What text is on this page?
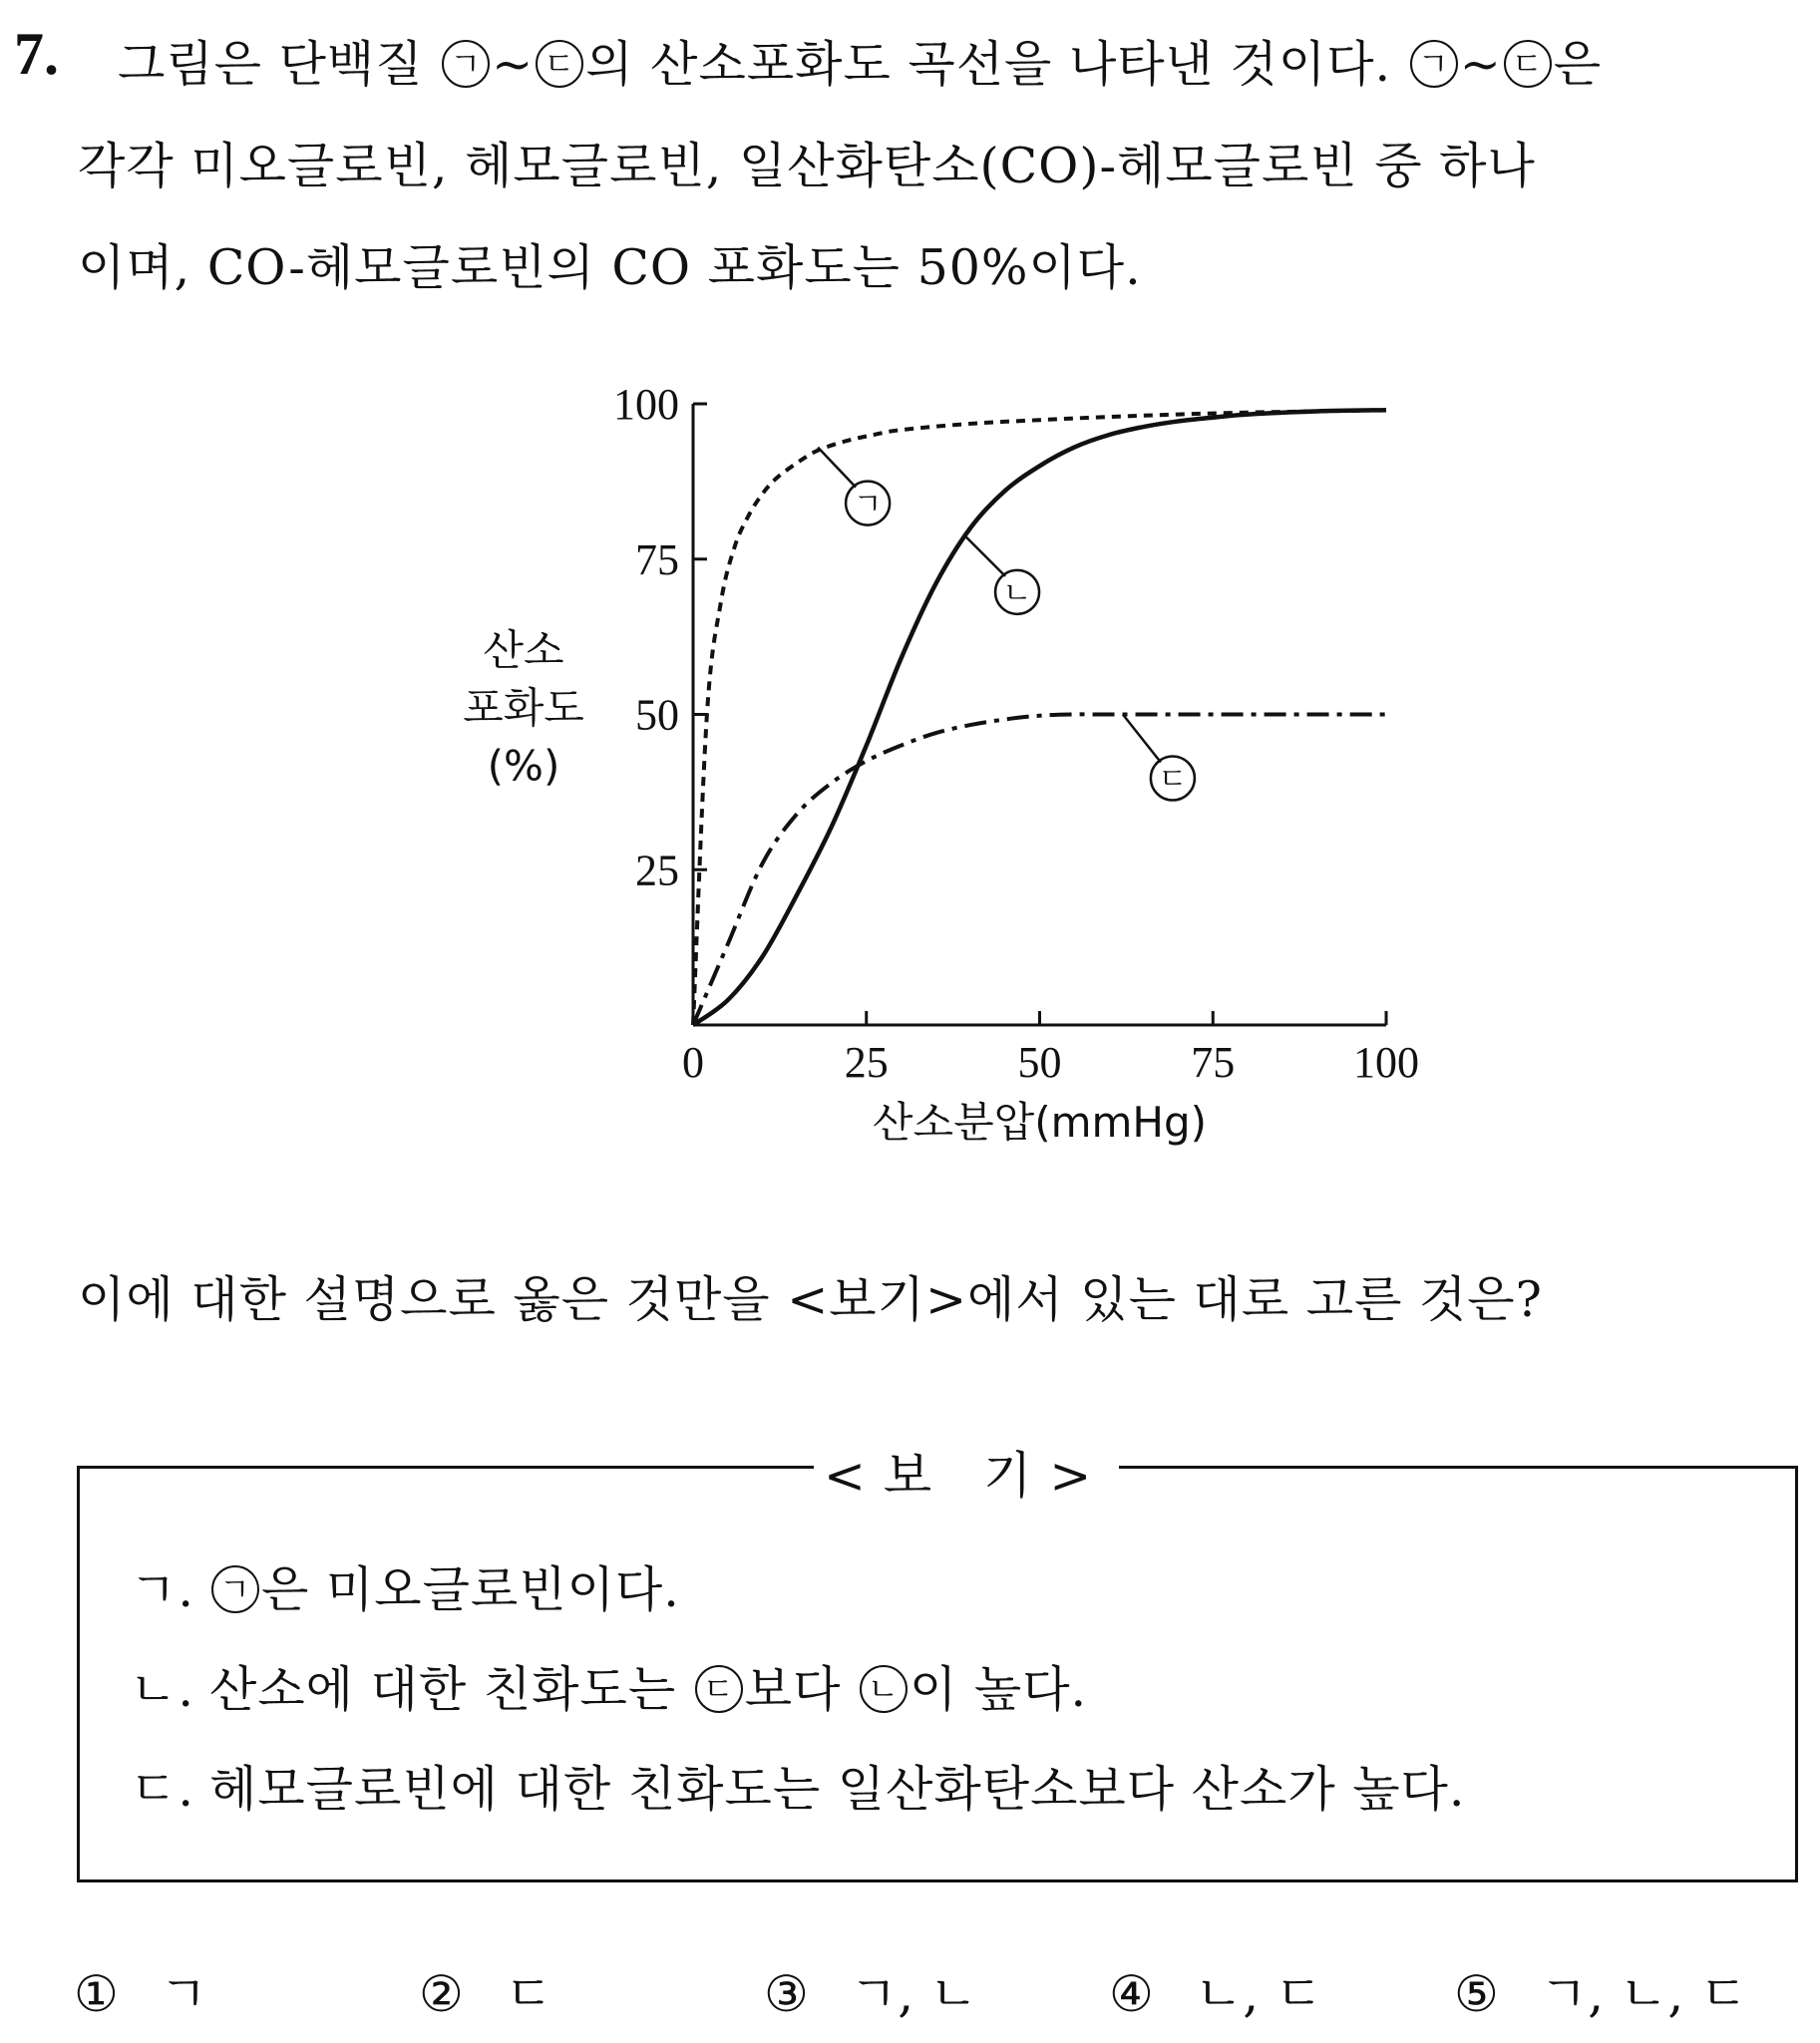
7.	그림은 단백질 ㄱ ~ ㄷ 의 산소포화도 곡선을 나타낸 것이다. ㄱ ~ ㄷ 은
각각 미오글로빈, 헤모글로빈, 일산화탄소(CO)-헤모글로빈 중 하나
이며, CO-헤모글로빈의 CO 포화도는 50%이다.
0	25	50	75	100
25
50
75
100
ㄱ
ㄴ
ㄷ
산소분압(mmHg)
산소
포화도
(%)
이에 대한 설명으로 옳은 것만을 <보기>에서 있는 대로 고른 것은?
<보 기>
ㄱ. ㄱ 은 미오글로빈이다.
ㄴ. 산소에 대한 친화도는 ㄷ 보다 ㄴ 이 높다.
ㄷ. 헤모글로빈에 대한 친화도는 일산화탄소보다 산소가 높다.
① ㄱ	② ㄷ	③ ㄱ, ㄴ	④ ㄴ, ㄷ	⑤ ㄱ, ㄴ, ㄷ
